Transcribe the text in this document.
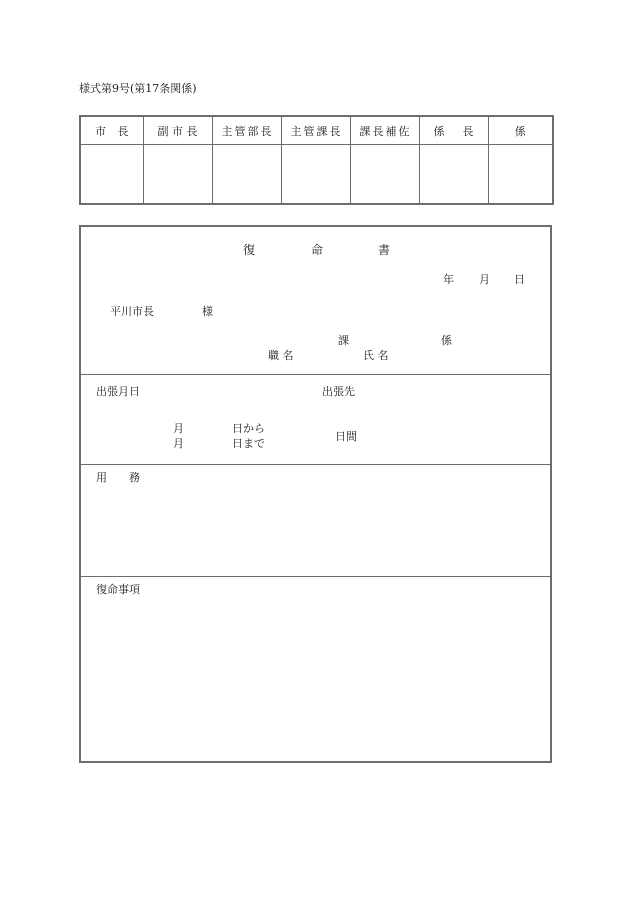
様式第9号(第17条関係)
市 長	副 市 長	主 管 部 長	主 管 課 長	課 長 補 佐	係 長	係

復	命	書
年 月 日
平川市長	様
課	係
職 名	氏 名
出張月日	出張先
月	日から
月	日まで
日間
用　　務
復命事項
